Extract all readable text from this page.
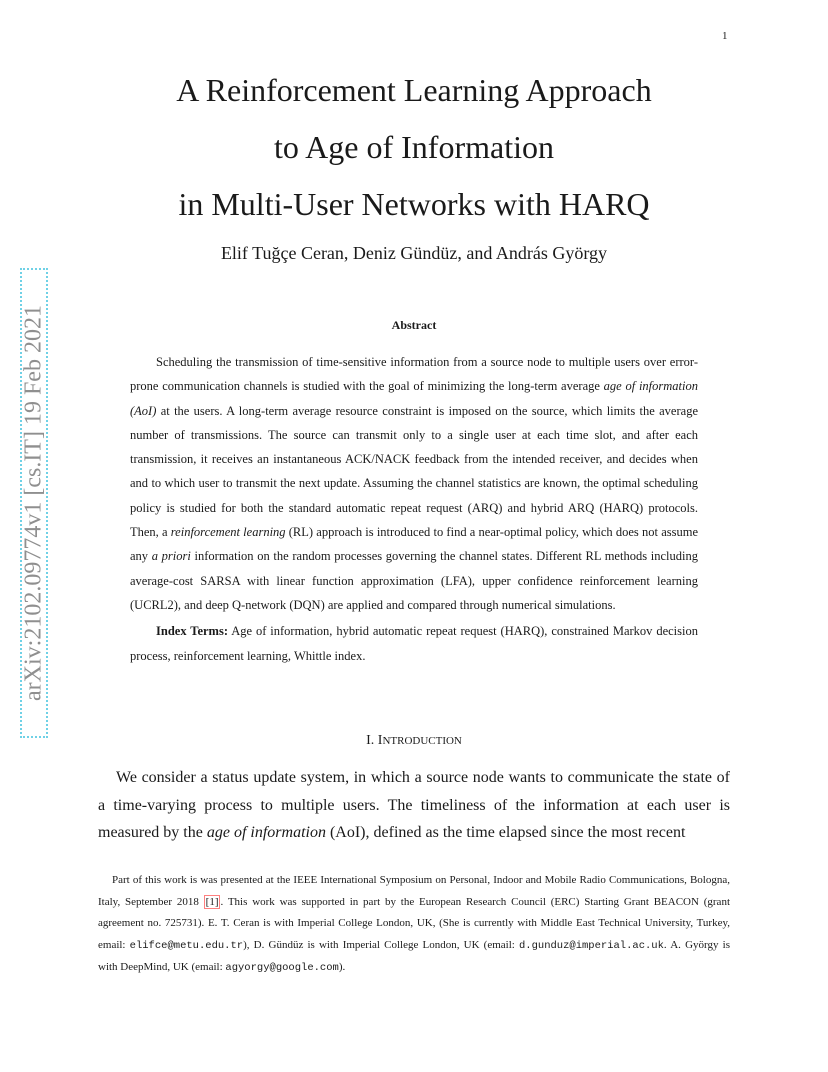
1
arXiv:2102.09774v1 [cs.IT] 19 Feb 2021
A Reinforcement Learning Approach
to Age of Information
in Multi-User Networks with HARQ
Elif Tuğçe Ceran, Deniz Gündüz, and András György
Abstract

Scheduling the transmission of time-sensitive information from a source node to multiple users over error-prone communication channels is studied with the goal of minimizing the long-term average age of information (AoI) at the users. A long-term average resource constraint is imposed on the source, which limits the average number of transmissions. The source can transmit only to a single user at each time slot, and after each transmission, it receives an instantaneous ACK/NACK feedback from the intended receiver, and decides when and to which user to transmit the next update. Assuming the channel statistics are known, the optimal scheduling policy is studied for both the standard automatic repeat request (ARQ) and hybrid ARQ (HARQ) protocols. Then, a reinforcement learning (RL) approach is introduced to find a near-optimal policy, which does not assume any a priori information on the random processes governing the channel states. Different RL methods including average-cost SARSA with linear function approximation (LFA), upper confidence reinforcement learning (UCRL2), and deep Q-network (DQN) are applied and compared through numerical simulations.

Index Terms: Age of information, hybrid automatic repeat request (HARQ), constrained Markov decision process, reinforcement learning, Whittle index.

I. INTRODUCTION

We consider a status update system, in which a source node wants to communicate the state of a time-varying process to multiple users. The timeliness of the information at each user is measured by the age of information (AoI), defined as the time elapsed since the most recent

Part of this work is was presented at the IEEE International Symposium on Personal, Indoor and Mobile Radio Communications, Bologna, Italy, September 2018 [1] . This work was supported in part by the European Research Council (ERC) Starting Grant BEACON (grant agreement no. 725731). E. T. Ceran is with Imperial College London, UK, (She is currently with Middle East Technical University, Turkey, email: elifce@metu.edu.tr), D. Gündüz is with Imperial College London, UK (email: d.gunduz@imperial.ac.uk. A. Györgу is with DeepMind, UK (email: agyorgy@google.com).
